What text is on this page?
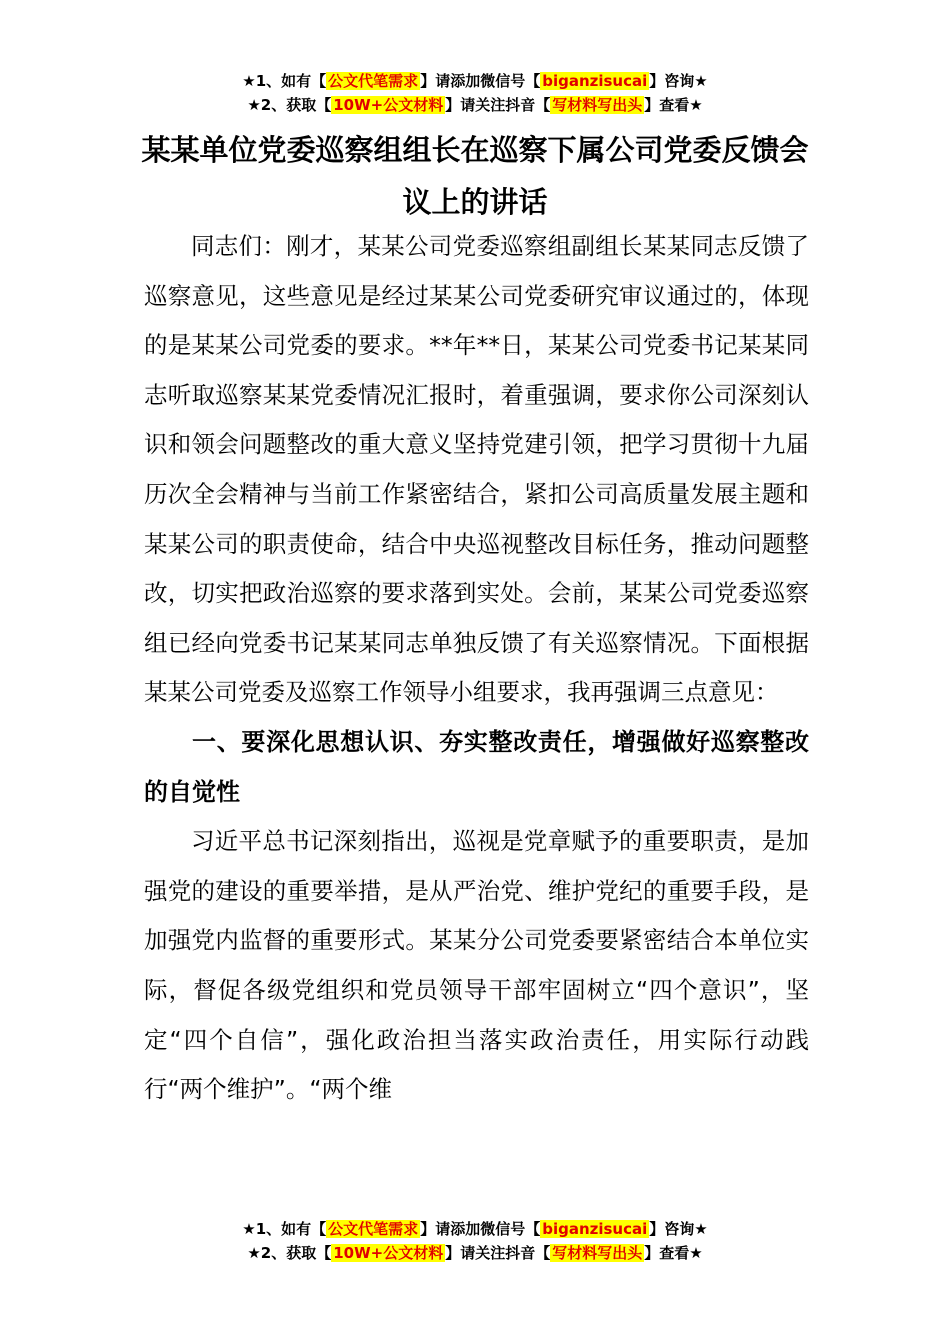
★1、如有【 公文代笔需求 】请添加微信号【 biganzisucai 】咨询★
★2、获取【 10W+公文材料 】请关注抖音【 写材料写出头 】查看★
某某单位党委巡察组组长在巡察下属公司党委反馈会议上的讲话

同志们：刚才，某某公司党委巡察组副组长某某同志反馈了巡察意见，这些意见是经过某某公司党委研究审议通过的，体现的是某某公司党委的要求。**年**日，某某公司党委书记某某同志听取巡察某某党委情况汇报时，着重强调，要求你公司深刻认识和领会问题整改的重大意义坚持党建引领，把学习贯彻十九届历次全会精神与当前工作紧密结合，紧扣公司高质量发展主题和某某公司的职责使命，结合中央巡视整改目标任务，推动问题整改，切实把政治巡察的要求落到实处。会前，某某公司党委巡察组已经向党委书记某某同志单独反馈了有关巡察情况。下面根据某某公司党委及巡察工作领导小组要求，我再强调三点意见：

一、要深化思想认识、夯实整改责任，增强做好巡察整改的自觉性

习近平总书记深刻指出，巡视是党章赋予的重要职责，是加强党的建设的重要举措，是从严治党、维护党纪的重要手段，是加强党内监督的重要形式。某某分公司党委要紧密结合本单位实际，督促各级党组织和党员领导干部牢固树立“四个意识”，坚定“四个自信”，强化政治担当落实政治责任，用实际行动践行“两个维护”。“两个维

★1、如有【 公文代笔需求 】请添加微信号【 biganzisucai 】咨询★
★2、获取【 10W+公文材料 】请关注抖音【 写材料写出头 】查看★
